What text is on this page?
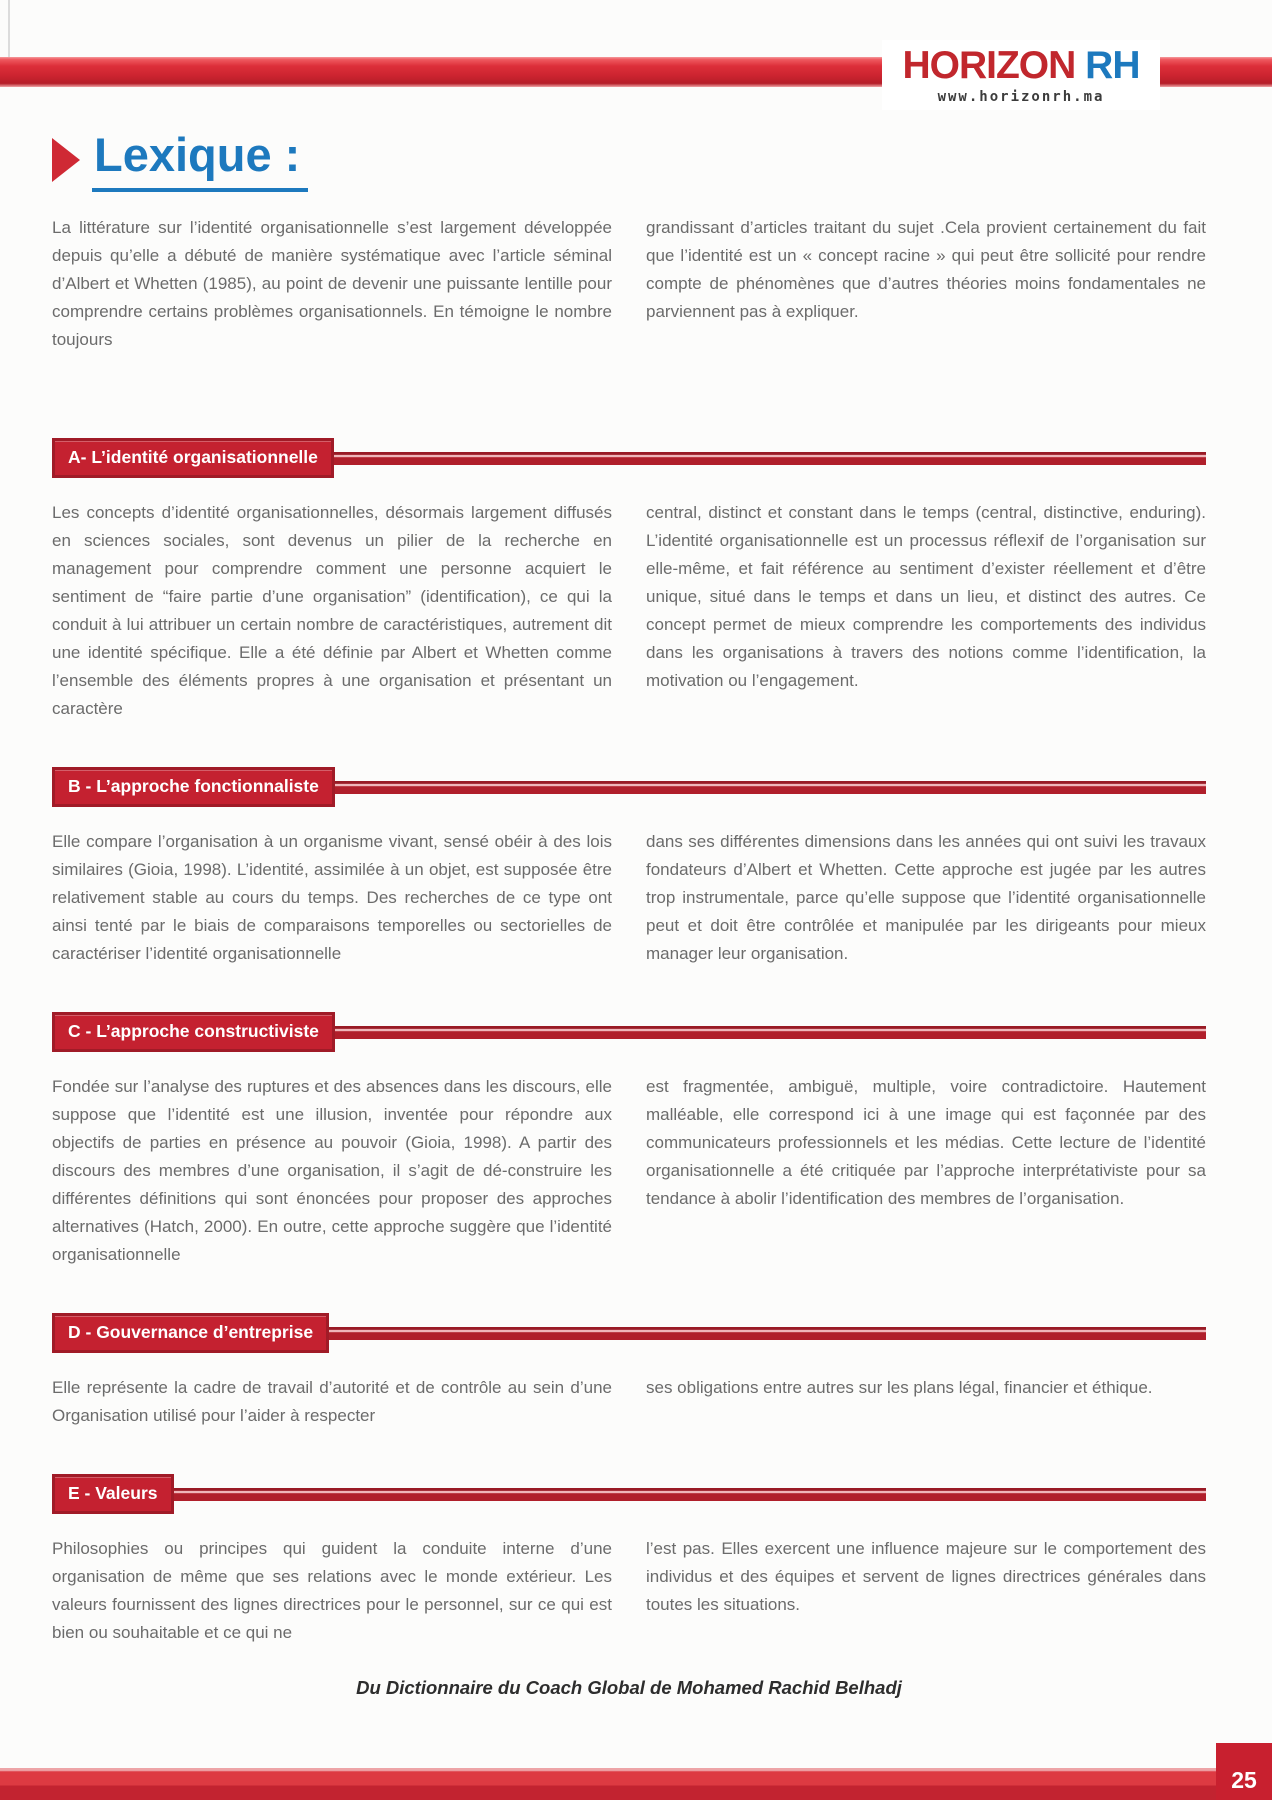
HORIZON RH
www.horizonrh.ma
Lexique :

La littérature sur l’identité organisationnelle s’est largement développée depuis qu’elle a débuté de manière systématique avec l’article séminal d’Albert et Whetten (1985), au point de devenir une puissante lentille pour comprendre certains problèmes organisationnels. En témoigne le nombre toujours

grandissant d’articles traitant du sujet .Cela provient certainement du fait que l’identité est un « concept racine » qui peut être sollicité pour rendre compte de phénomènes que d’autres théories moins fondamentales ne parviennent pas à expliquer.

A- L’identité organisationnelle

Les concepts d’identité organisationnelles, désormais largement diffusés en sciences sociales, sont devenus un pilier de la recherche en management pour comprendre comment une personne acquiert le sentiment de “faire partie d’une organisation” (identification), ce qui la conduit à lui attribuer un certain nombre de caractéristiques, autrement dit une identité spécifique. Elle a été définie par Albert et Whetten comme l’ensemble des éléments propres à une organisation et présentant un caractère

central, distinct et constant dans le temps (central, distinctive, enduring). L’identité organisationnelle est un processus réflexif de l’organisation sur elle-même, et fait référence au sentiment d’exister réellement et d’être unique, situé dans le temps et dans un lieu, et distinct des autres. Ce concept permet de mieux comprendre les comportements des individus dans les organisations à travers des notions comme l’identification, la motivation ou l’engagement.

B - L’approche fonctionnaliste

Elle compare l’organisation à un organisme vivant, sensé obéir à des lois similaires (Gioia, 1998). L’identité, assimilée à un objet, est supposée être relativement stable au cours du temps. Des recherches de ce type ont ainsi tenté par le biais de comparaisons temporelles ou sectorielles de caractériser l’identité organisationnelle

dans ses différentes dimensions dans les années qui ont suivi les travaux fondateurs d’Albert et Whetten. Cette approche est jugée par les autres trop instrumentale, parce qu’elle suppose que l’identité organisationnelle peut et doit être contrôlée et manipulée par les dirigeants pour mieux manager leur organisation.

C - L’approche constructiviste

Fondée sur l’analyse des ruptures et des absences dans les discours, elle suppose que l’identité est une illusion, inventée pour répondre aux objectifs de parties en présence au pouvoir (Gioia, 1998). A partir des discours des membres d’une organisation, il s’agit de dé-construire les différentes définitions qui sont énoncées pour proposer des approches alternatives (Hatch, 2000). En outre, cette approche suggère que l’identité organisationnelle

est fragmentée, ambiguë, multiple, voire contradictoire. Hautement malléable, elle correspond ici à une image qui est façonnée par des communicateurs professionnels et les médias. Cette lecture de l’identité organisationnelle a été critiquée par l’approche interprétativiste pour sa tendance à abolir l’identification des membres de l’organisation.

D - Gouvernance d’entreprise

Elle représente la cadre de travail d’autorité et de contrôle au sein d’une Organisation utilisé pour l’aider à respecter

ses obligations entre autres sur les plans légal, financier et éthique.

E - Valeurs

Philosophies ou principes qui guident la conduite interne d’une organisation de même que ses relations avec le monde extérieur. Les valeurs fournissent des lignes directrices pour le personnel, sur ce qui est bien ou souhaitable et ce qui ne

l’est pas. Elles exercent une influence majeure sur le comportement des individus et des équipes et servent de lignes directrices générales dans toutes les situations.

Du Dictionnaire du Coach Global de Mohamed Rachid Belhadj

25
